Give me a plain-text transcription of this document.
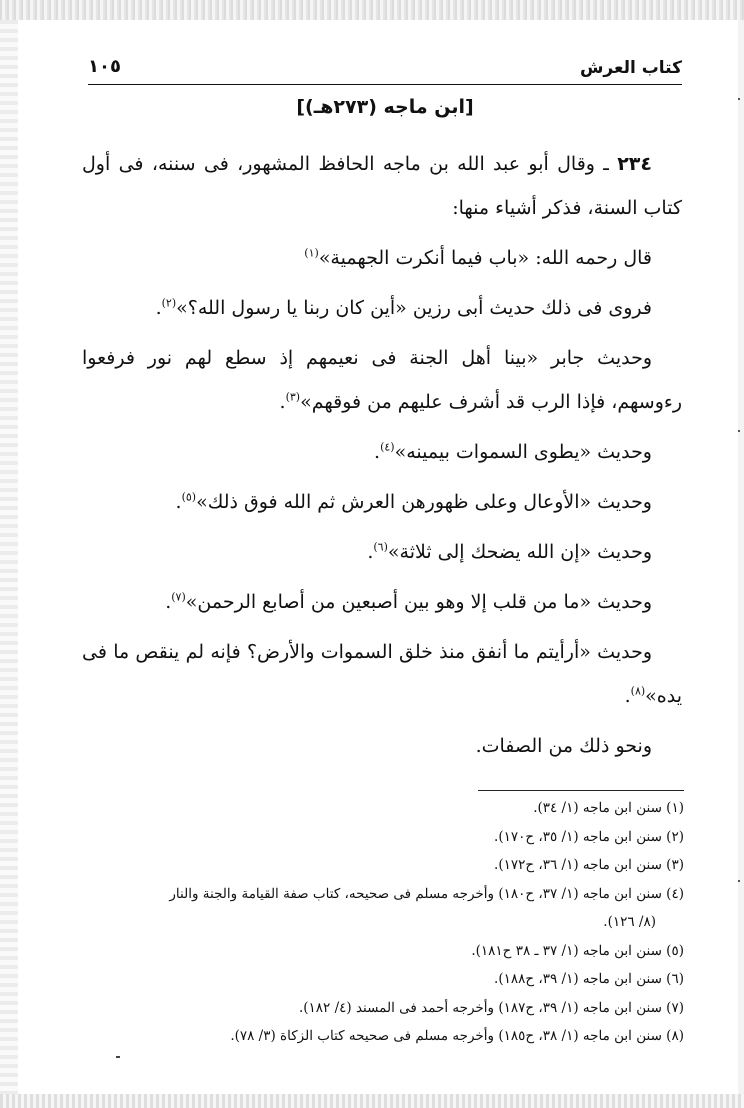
كتاب العرش
١٠٥
[ابن ماجه (٢٧٣هـ)]

٢٣٤ ـ وقال أبو عبد الله بن ماجه الحافظ المشهور، فى سننه، فى أول كتاب السنة، فذكر أشياء منها:

قال رحمه الله: «باب فيما أنكرت الجهمية»$^{(١)}$

فروى فى ذلك حديث أبى رزين «أين كان ربنا يا رسول الله؟»$^{(٢)}$.

وحديث جابر «بينا أهل الجنة فى نعيمهم إذ سطع لهم نور فرفعوا رءوسهم، فإذا الرب قد أشرف عليهم من فوقهم»$^{(٣)}$.

وحديث «يطوى السموات بيمينه»$^{(٤)}$.

وحديث «الأوعال وعلى ظهورهن العرش ثم الله فوق ذلك»$^{(٥)}$.

وحديث «إن الله يضحك إلى ثلاثة»$^{(٦)}$.

وحديث «ما من قلب إلا وهو بين أصبعين من أصابع الرحمن»$^{(٧)}$.

وحديث «أرأيتم ما أنفق منذ خلق السموات والأرض؟ فإنه لم ينقص ما فى يده»$^{(٨)}$.

ونحو ذلك من الصفات.

(١) سنن ابن ماجه (١/ ٣٤).

(٢) سنن ابن ماجه (١/ ٣٥، ح١٧٠).

(٣) سنن ابن ماجه (١/ ٣٦، ح١٧٢).

(٤) سنن ابن ماجه (١/ ٣٧، ح١٨٠) وأخرجه مسلم فى صحيحه، كتاب صفة القيامة والجنة والنار

(٨/ ١٢٦).

(٥) سنن ابن ماجه (١/ ٣٧ ـ ٣٨ ح١٨١).

(٦) سنن ابن ماجه (١/ ٣٩، ح١٨٨).

(٧) سنن ابن ماجه (١/ ٣٩، ح١٨٧) وأخرجه أحمد فى المسند (٤/ ١٨٢).

(٨) سنن ابن ماجه (١/ ٣٨، ح١٨٥) وأخرجه مسلم فى صحيحه كتاب الزكاة (٣/ ٧٨).
